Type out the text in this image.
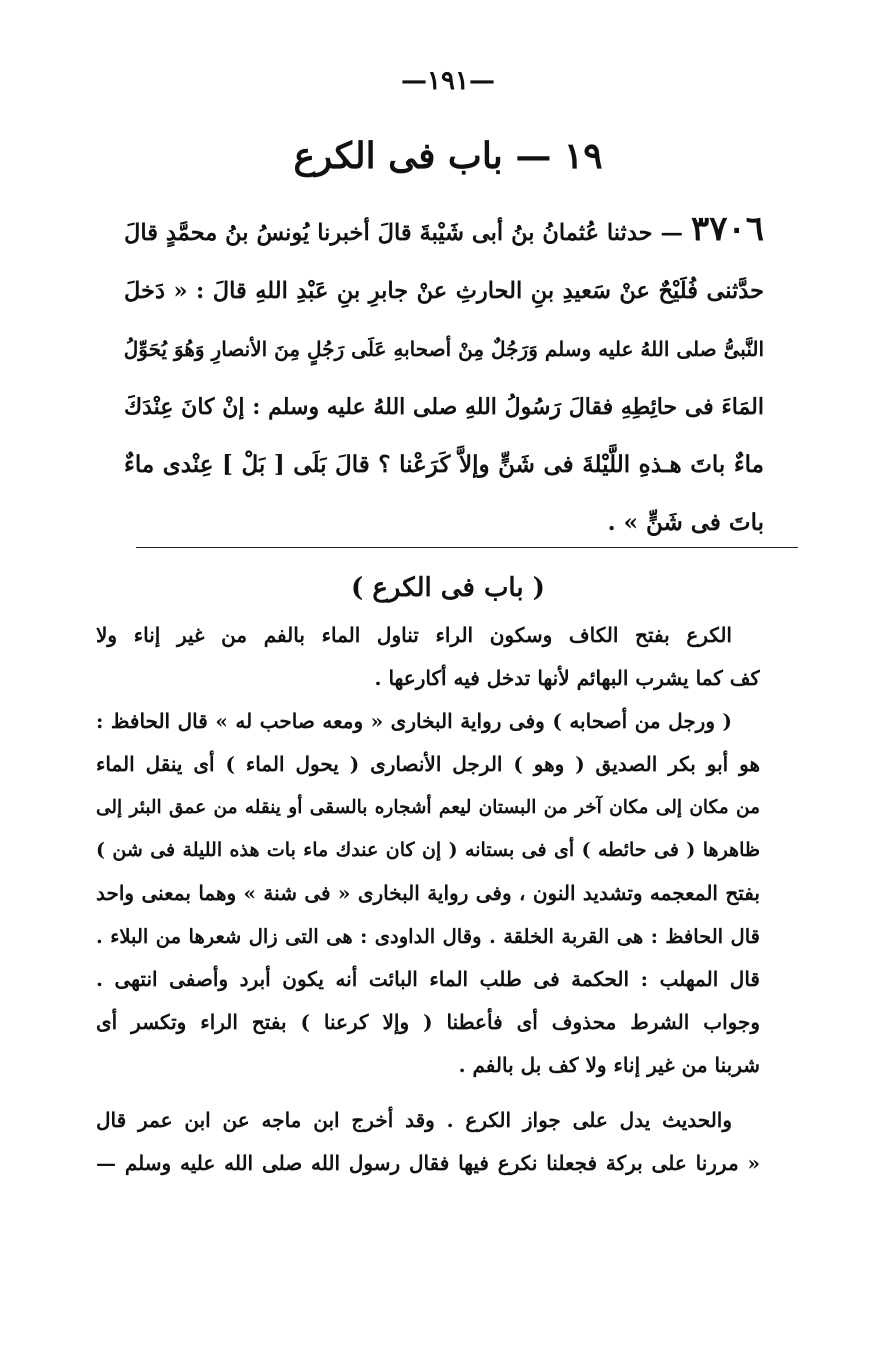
—١٩١—
١٩ — باب فى الكرع
٣٧٠٦— حدثنا عُثمانُ بنُ أبى شَيْبةَ قالَ أخبرنا يُونسُ بنُ محمَّدٍ قالَ
حدَّثنى فُلَيْحٌ عنْ سَعيدِ بنِ الحارثِ عنْ جابرِ بنِ عَبْدِ اللهِ قالَ : « دَخلَ
النَّبىُّ صلى اللهُ عليه وسلم وَرَجُلٌ مِنْ أصحابهِ عَلَى رَجُلٍ مِنَ الأنصارِ وَهُوَ يُحَوِّلُ
المَاءَ فى حائِطِهِ فقالَ رَسُولُ اللهِ صلى اللهُ عليه وسلم : إنْ كانَ عِنْدَكَ
ماءٌ باتَ هـذهِ اللَّيْلةَ فى شَنٍّ وإلاَّ كَرَعْنا ؟ قالَ بَلَى [ بَلْ ] عِنْدى ماءٌ
باتَ فى شَنٍّ » .
( باب فى الكرع )
الكرع بفتح الكاف وسكون الراء تناول الماء بالفم من غير إناء ولا
كف كما يشرب البهائم لأنها تدخل فيه أكارعها .
( ورجل من أصحابه ) وفى رواية البخارى « ومعه صاحب له » قال الحافظ :
هو أبو بكر الصديق ( وهو ) الرجل الأنصارى ( يحول الماء ) أى ينقل الماء
من مكان إلى مكان آخر من البستان ليعم أشجاره بالسقى أو ينقله من عمق البئر إلى
ظاهرها ( فى حائطه ) أى فى بستانه ( إن كان عندك ماء بات هذه الليلة فى شن )
بفتح المعجمه وتشديد النون ، وفى رواية البخارى « فى شنة » وهما بمعنى واحد
قال الحافظ : هى القربة الخلقة . وقال الداودى : هى التى زال شعرها من البلاء .
قال المهلب : الحكمة فى طلب الماء البائت أنه يكون أبرد وأصفى انتهى .
وجواب الشرط محذوف أى فأعطنا ( وإلا كرعنا ) بفتح الراء وتكسر أى
شربنا من غير إناء ولا كف بل بالفم .
والحديث يدل على جواز الكرع . وقد أخرج ابن ماجه عن ابن عمر قال
« مررنا على بركة فجعلنا نكرع فيها فقال رسول الله صلى الله عليه وسلم —
